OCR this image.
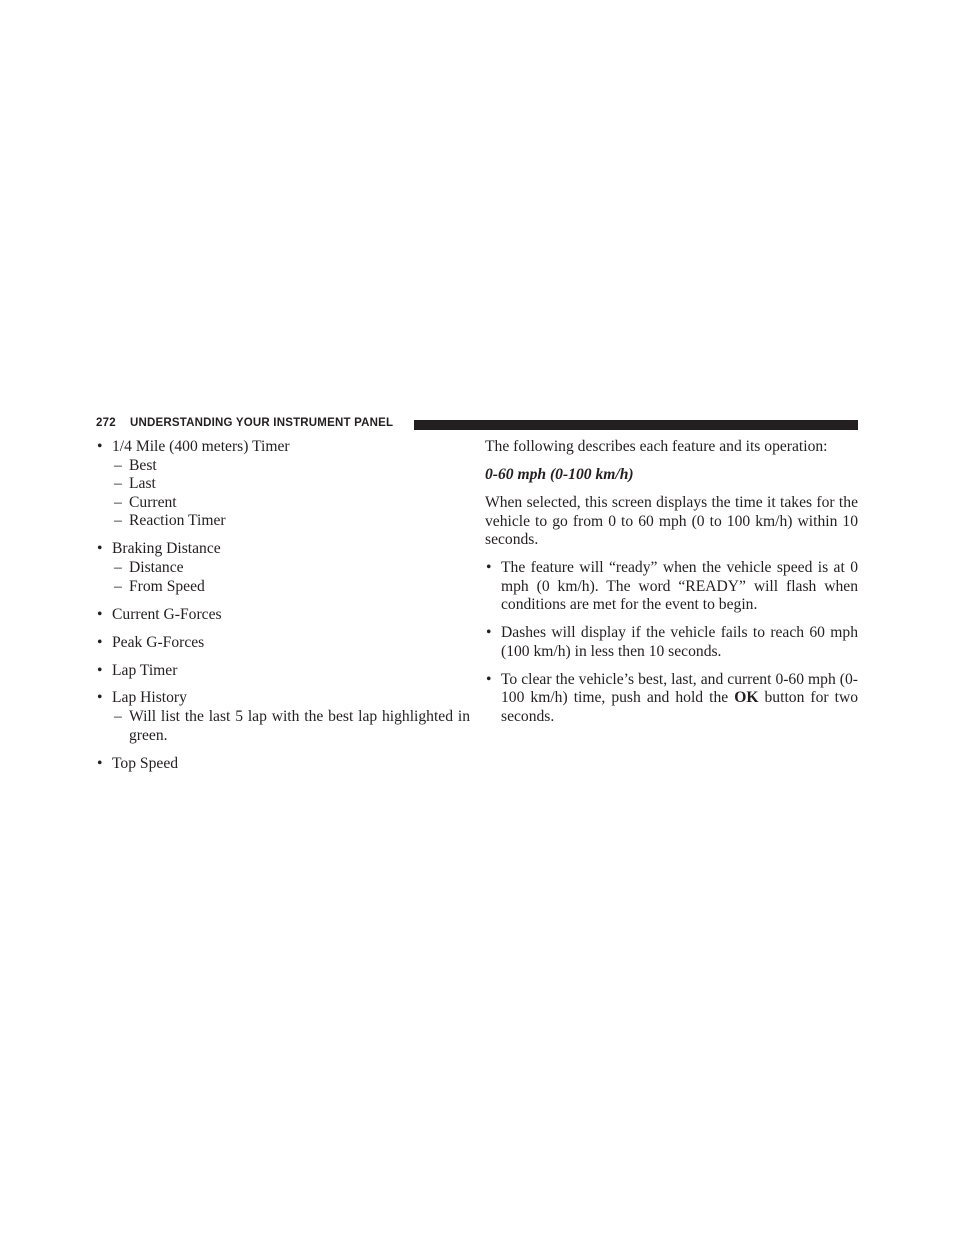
272 UNDERSTANDING YOUR INSTRUMENT PANEL
• 1/4 Mile (400 meters) Timer
– Best
– Last
– Current
– Reaction Timer
• Braking Distance
– Distance
– From Speed
• Current G-Forces
• Peak G-Forces
• Lap Timer
• Lap History
– Will list the last 5 lap with the best lap highlighted in green.
• Top Speed
The following describes each feature and its operation:
0-60 mph (0-100 km/h)
When selected, this screen displays the time it takes for the vehicle to go from 0 to 60 mph (0 to 100 km/h) within 10 seconds.
• The feature will “ready” when the vehicle speed is at 0 mph (0 km/h). The word “READY” will flash when conditions are met for the event to begin.
• Dashes will display if the vehicle fails to reach 60 mph (100 km/h) in less then 10 seconds.
• To clear the vehicle’s best, last, and current 0-60 mph (0-100 km/h) time, push and hold the OK button for two seconds.
